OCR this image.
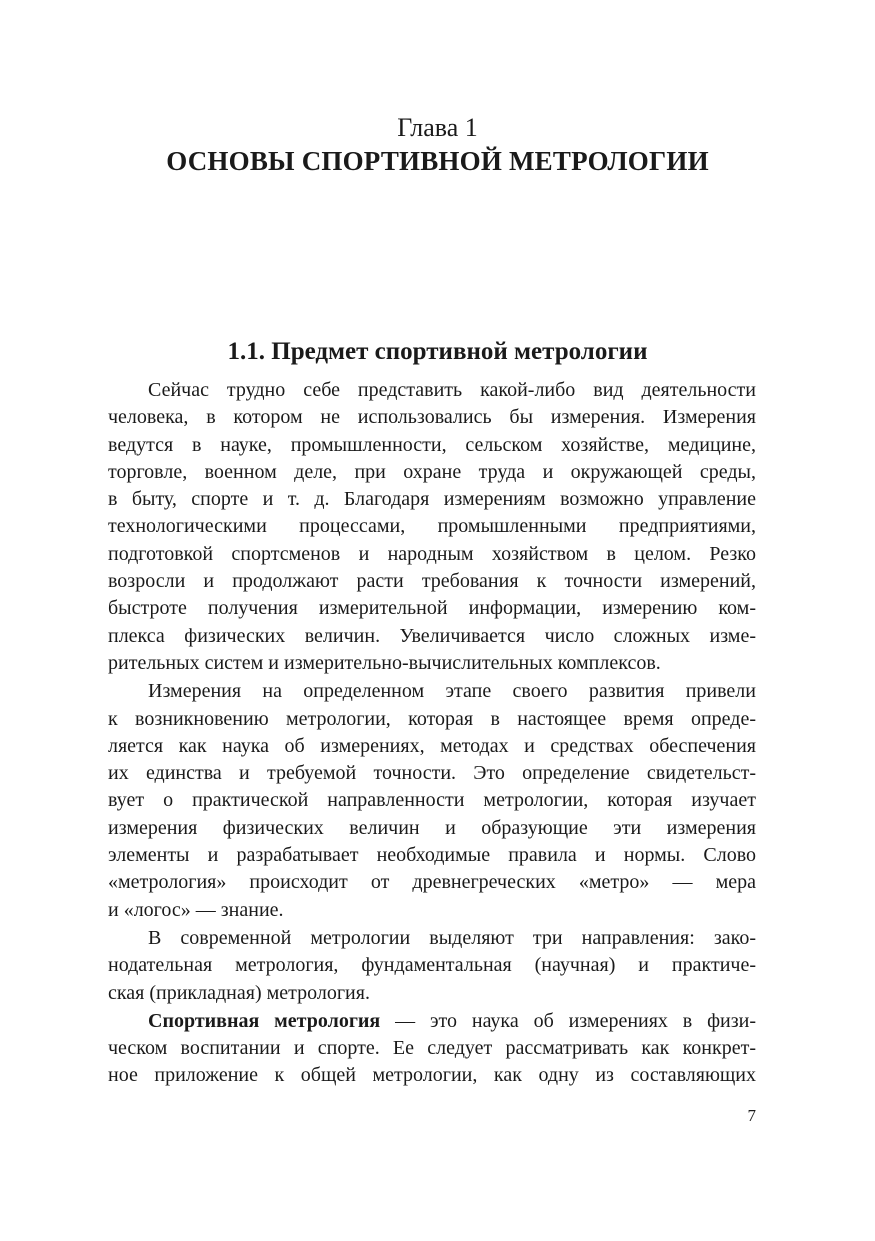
Глава 1
ОСНОВЫ СПОРТИВНОЙ МЕТРОЛОГИИ
1.1. Предмет спортивной метрологии

Сейчас трудно себе представить какой-либо вид деятельности
человека, в котором не использовались бы измерения. Измерения
ведутся в науке, промышленности, сельском хозяйстве, медицине,
торговле, военном деле, при охране труда и окружающей среды,
в быту, спорте и т. д. Благодаря измерениям возможно управление
технологическими процессами, промышленными предприятиями,
подготовкой спортсменов и народным хозяйством в целом. Резко
возросли и продолжают расти требования к точности измерений,
быстроте получения измерительной информации, измерению ком-
плекса физических величин. Увеличивается число сложных изме-
рительных систем и измерительно-вычислительных комплексов.

Измерения на определенном этапе своего развития привели
к возникновению метрологии, которая в настоящее время опреде-
ляется как наука об измерениях, методах и средствах обеспечения
их единства и требуемой точности. Это определение свидетельст-
вует о практической направленности метрологии, которая изучает
измерения физических величин и образующие эти измерения
элементы и разрабатывает необходимые правила и нормы. Слово
«метрология» происходит от древнегреческих «метро» — мера
и «логос» — знание.

В современной метрологии выделяют три направления: зако-
нодательная метрология, фундаментальная (научная) и практиче-
ская (прикладная) метрология.

Спортивная метрология — это наука об измерениях в физи-
ческом воспитании и спорте. Ее следует рассматривать как конкрет-
ное приложение к общей метрологии, как одну из составляющих

7
